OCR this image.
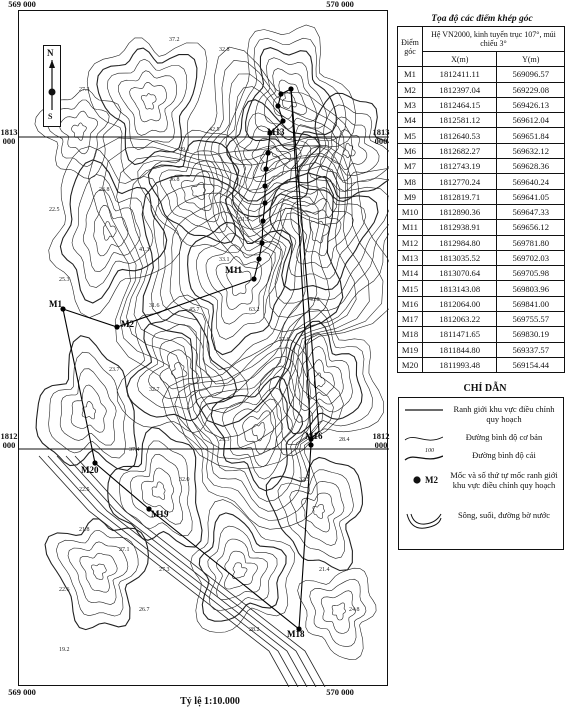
M1
M2
M11
M13
M16
M18
M19
M20
37.2
32.8
27.3
22.5
31.6
41.3
51.5
32.7
37.4
29.3
22.5
27.1
45.7	63.2
57.8
33.1
36.8
26.8
25.3
32.0
21.8
22.6
26.7
32.5
28.4
42.5
39.1
40.8
23.7
27.3
28.2
19.2
21.4
24.8
N
S
569 000	570 000
569 000	570 000
1813 000
1812 000
1813 000
1812 000
Tỷ lệ 1:10.000
Tọa độ các điểm khép góc
Điểm góc	Hệ VN2000, kinh tuyến trục 107°, múi chiếu 3°	
	X(m)	Y(m)
M1	1812411.11	569096.57
M2	1812397.04	569229.08
M3	1812464.15	569426.13
M4	1812581.12	569612.04
M5	1812640.53	569651.84
M6	1812682.27	569632.12
M7	1812743.19	569628.36
M8	1812770.24	569640.24
M9	1812819.71	569641.05
M10	1812890.36	569647.33
M11	1812938.91	569656.12
M12	1812984.80	569781.80
M13	1813035.52	569702.03
M14	1813070.64	569705.98
M15	1813143.08	569803.96
M16	1812064.00	569841.00
M17	1812063.22	569755.57
M18	1811471.65	569830.19
M19	1811844.80	569337.57
M20	1811993.48	569154.44
CHỈ DẪN
Ranh giới khu vực điều chỉnh quy hoạch
Đường bình độ cơ bản
100	Đường bình độ cái
M2	Mốc và số thứ tự mốc ranh giới khu vực điều chỉnh quy hoạch
Sông, suối, đường bờ nước
